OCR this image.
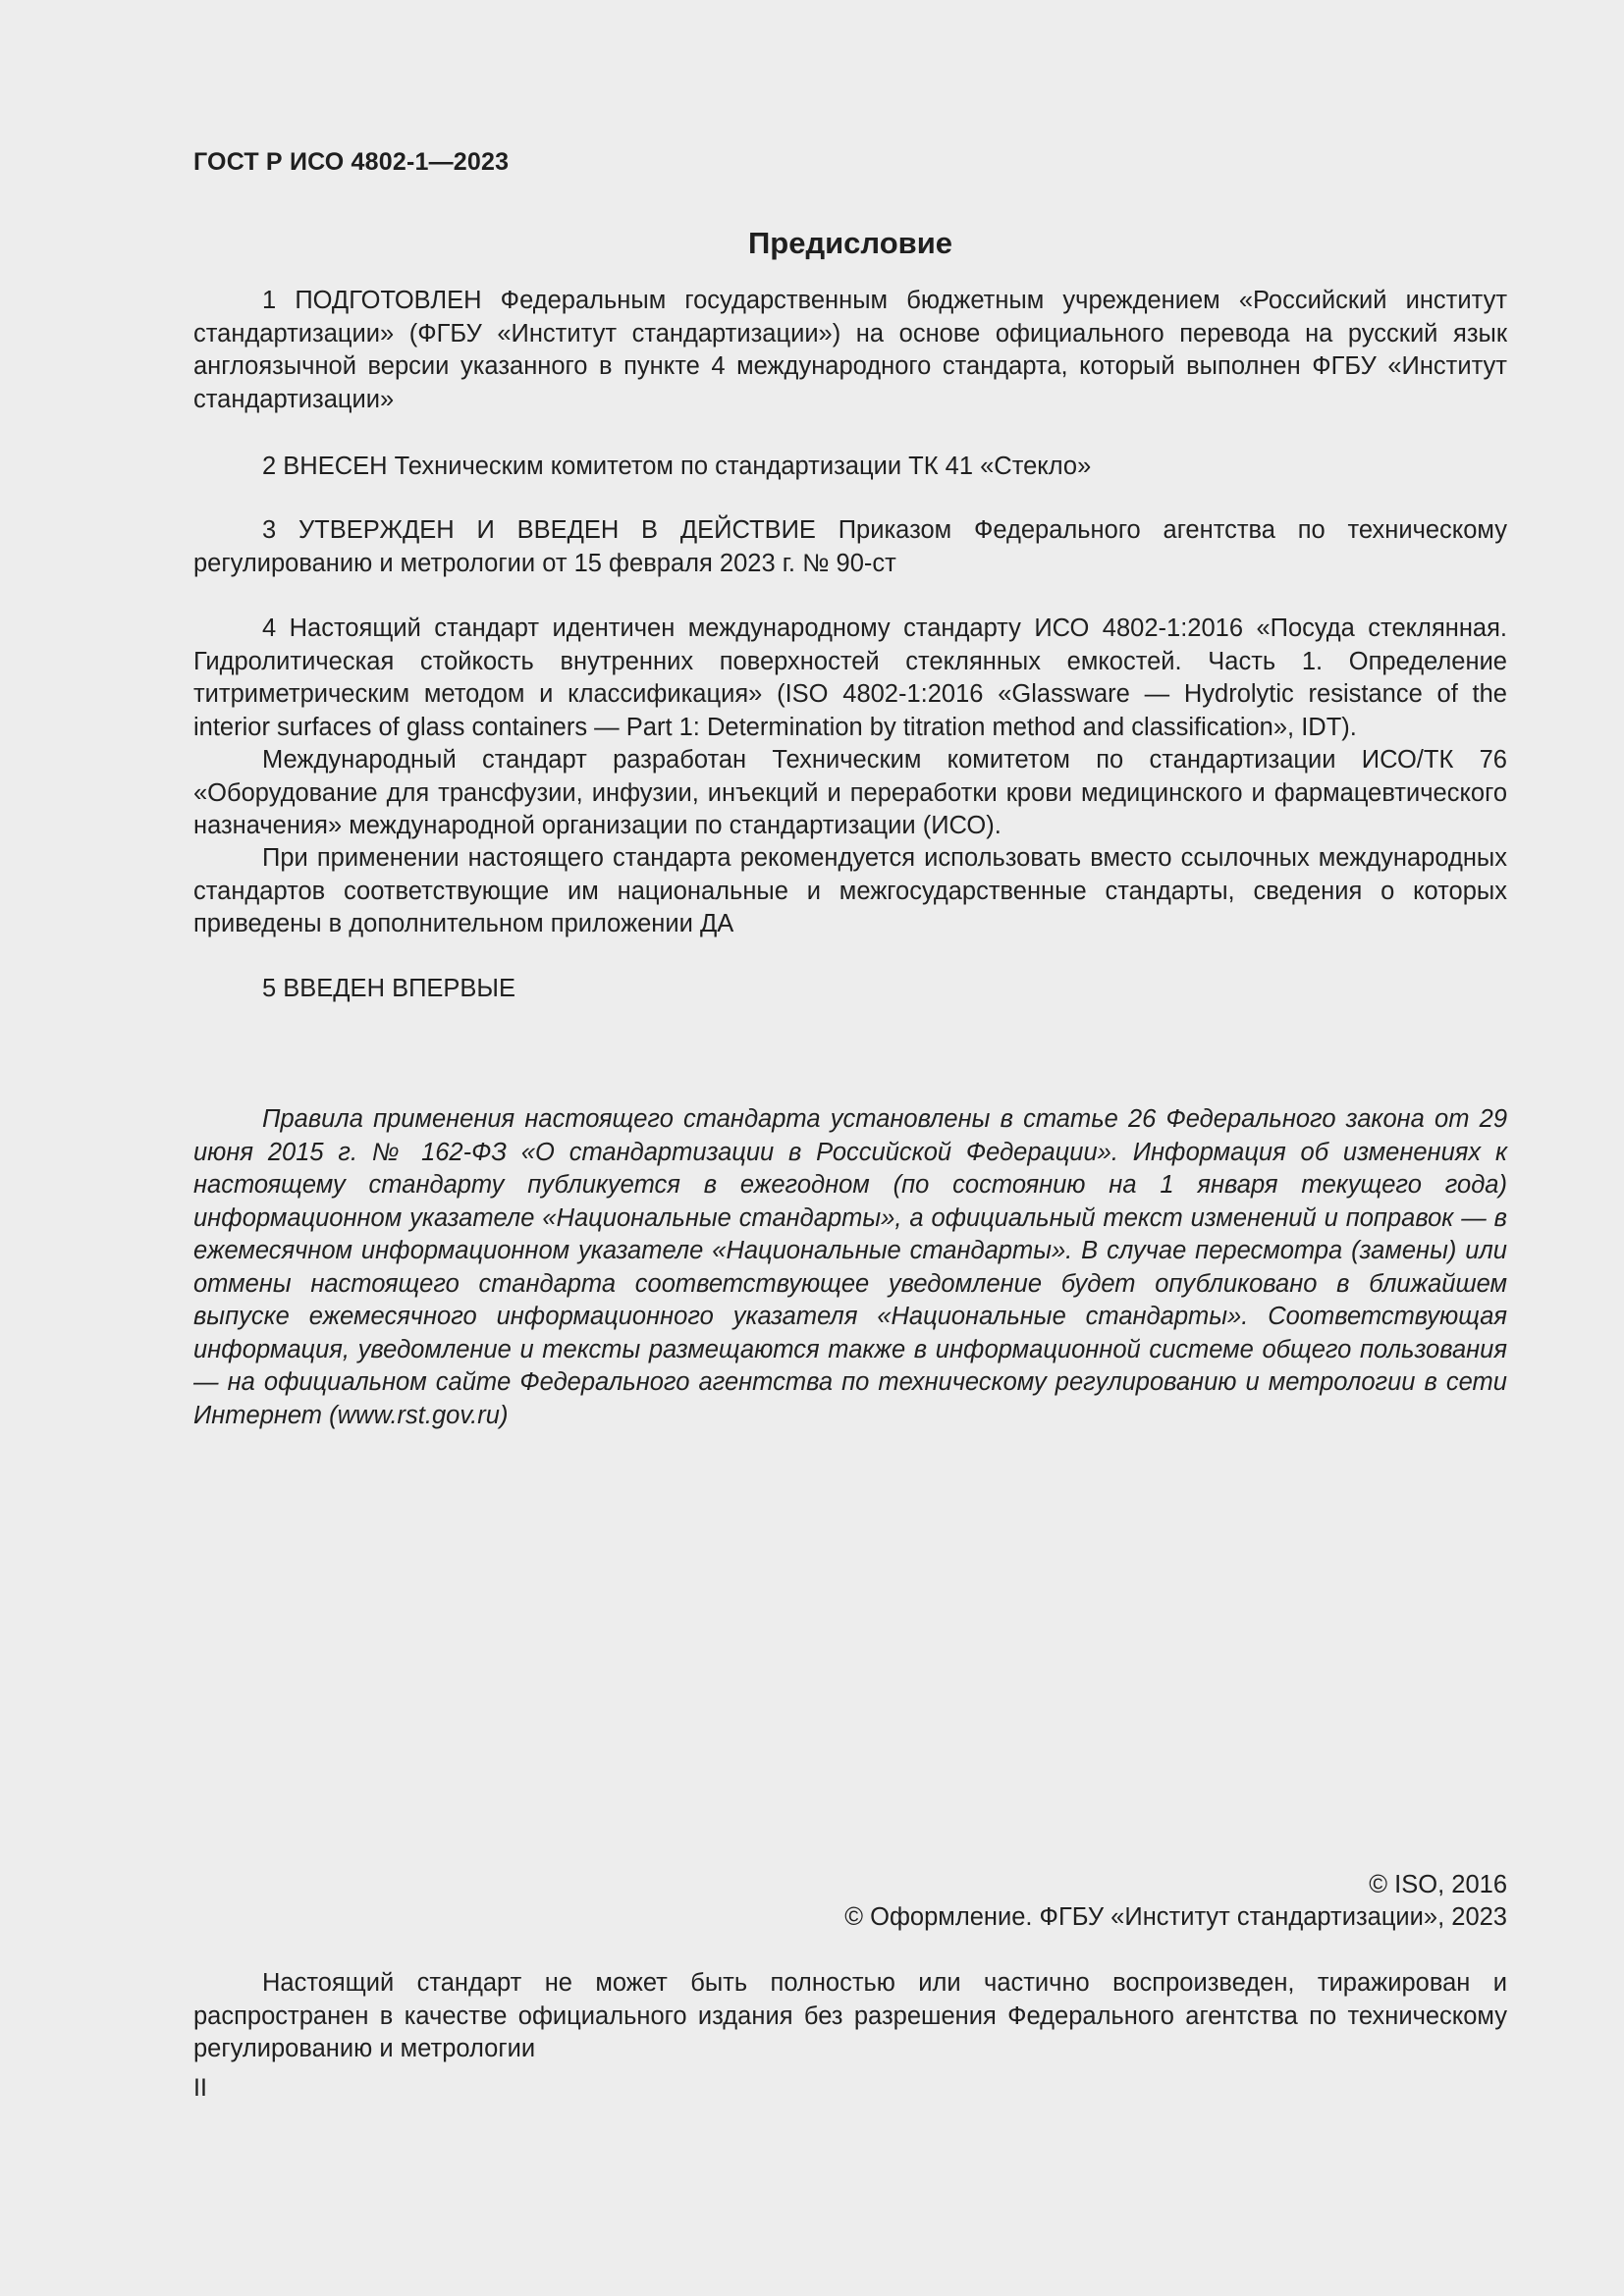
ГОСТ Р ИСО 4802-1—2023
Предисловие

1 ПОДГОТОВЛЕН Федеральным государственным бюджетным учреждением «Российский институт стандартизации» (ФГБУ «Институт стандартизации») на основе официального перевода на русский язык англоязычной версии указанного в пункте 4 международного стандарта, который выполнен ФГБУ «Институт стандартизации»

2 ВНЕСЕН Техническим комитетом по стандартизации ТК 41 «Стекло»

3 УТВЕРЖДЕН И ВВЕДЕН В ДЕЙСТВИЕ Приказом Федерального агентства по техническому регулированию и метрологии от 15 февраля 2023 г. № 90-ст

4 Настоящий стандарт идентичен международному стандарту ИСО 4802-1:2016 «Посуда стеклянная. Гидролитическая стойкость внутренних поверхностей стеклянных емкостей. Часть 1. Определение титриметрическим методом и классификация» (ISO 4802-1:2016 «Glassware — Hydrolytic resistance of the interior surfaces of glass containers — Part 1: Determination by titration method and classification», IDT).

Международный стандарт разработан Техническим комитетом по стандартизации ИСО/ТК 76 «Оборудование для трансфузии, инфузии, инъекций и переработки крови медицинского и фармацевтического назначения» международной организации по стандартизации (ИСО).

При применении настоящего стандарта рекомендуется использовать вместо ссылочных международных стандартов соответствующие им национальные и межгосударственные стандарты, сведения о которых приведены в дополнительном приложении ДА

5 ВВЕДЕН ВПЕРВЫЕ

Правила применения настоящего стандарта установлены в статье 26 Федерального закона от 29 июня 2015 г. № 162-ФЗ «О стандартизации в Российской Федерации». Информация об изменениях к настоящему стандарту публикуется в ежегодном (по состоянию на 1 января текущего года) информационном указателе «Национальные стандарты», а официальный текст изменений и поправок — в ежемесячном информационном указателе «Национальные стандарты». В случае пересмотра (замены) или отмены настоящего стандарта соответствующее уведомление будет опубликовано в ближайшем выпуске ежемесячного информационного указателя «Национальные стандарты». Соответствующая информация, уведомление и тексты размещаются также в информационной системе общего пользования — на официальном сайте Федерального агентства по техническому регулированию и метрологии в сети Интернет (www.rst.gov.ru)

© ISO, 2016
© Оформление. ФГБУ «Институт стандартизации», 2023

Настоящий стандарт не может быть полностью или частично воспроизведен, тиражирован и распространен в качестве официального издания без разрешения Федерального агентства по техническому регулированию и метрологии

II
